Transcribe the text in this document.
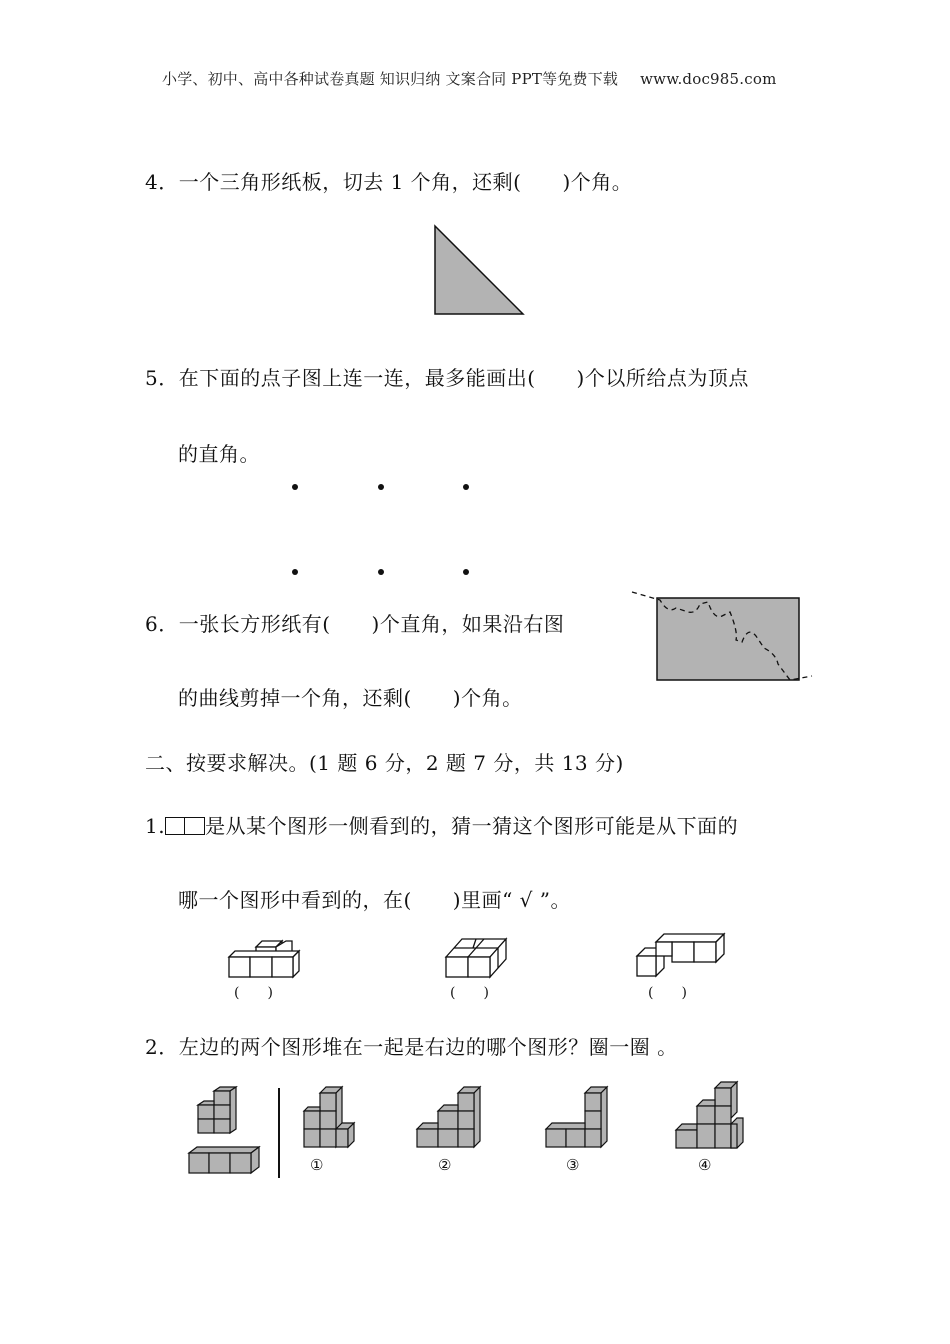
小学、初中、高中各种试卷真题 知识归纳 文案合同 PPT等免费下载 www.doc985.com
4．一个三角形纸板，切去 1 个角，还剩(　　)个角。
5．在下面的点子图上连一连，最多能画出(　　)个以所给点为顶点
的直角。
6．一张长方形纸有(　　)个直角，如果沿右图
的曲线剪掉一个角，还剩(　　)个角。
二、按要求解决。(1 题 6 分，2 题 7 分，共 13 分)
1. 是从某个图形一侧看到的，猜一猜这个图形可能是从下面的
哪一个图形中看到的，在(　　)里画“ √ ”。
(　　)	(　　)	(　　)
2．左边的两个图形堆在一起是右边的哪个图形？圈一圈 。
①	②	③	④
